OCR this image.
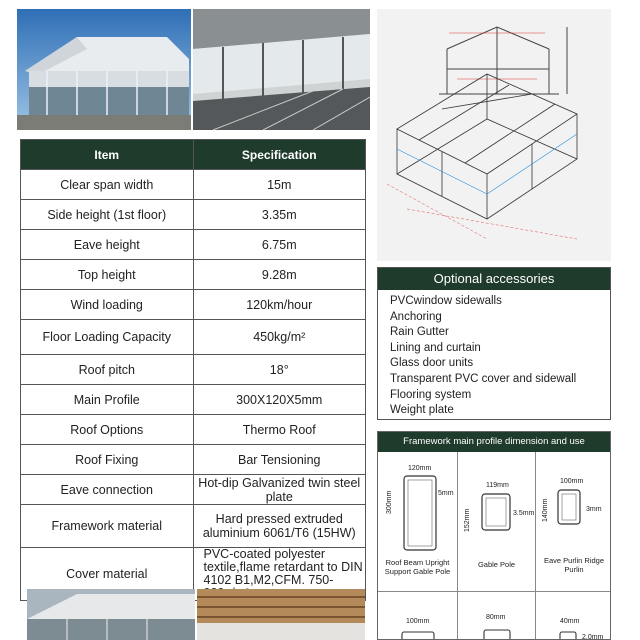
Item	Specification
Clear span width	15m
Side height (1st floor)	3.35m
Eave height	6.75m
Top height	9.28m
Wind loading	120km/hour
Floor Loading Capacity	450kg/m²
Roof pitch	18°
Main Profile	300X120X5mm
Roof Options	Thermo Roof
Roof Fixing	Bar Tensioning
Eave connection	Hot-dip Galvanized twin steel plate
Framework material	Hard pressed extruded aluminium 6061/T6 (15HW)
Cover material	PVC-coated polyester textile,flame retardant to DIN 4102 B1,M2,CFM. 750-
Optional accessories
PVCwindow sidewalls
Anchoring
Rain Gutter
Lining and curtain
Glass door units
Transparent PVC cover and sidewall
Flooring system
Weight plate
Framework main profile dimension and use
120mm
300mm	5mm
Roof Beam Upright Support Gable Pole
119mm
152mm	3.5mm
Gable Pole
100mm
140mm	3mm
Eave Purlin Ridge Purlin
100mm
80mm
40mm
2.0mm
